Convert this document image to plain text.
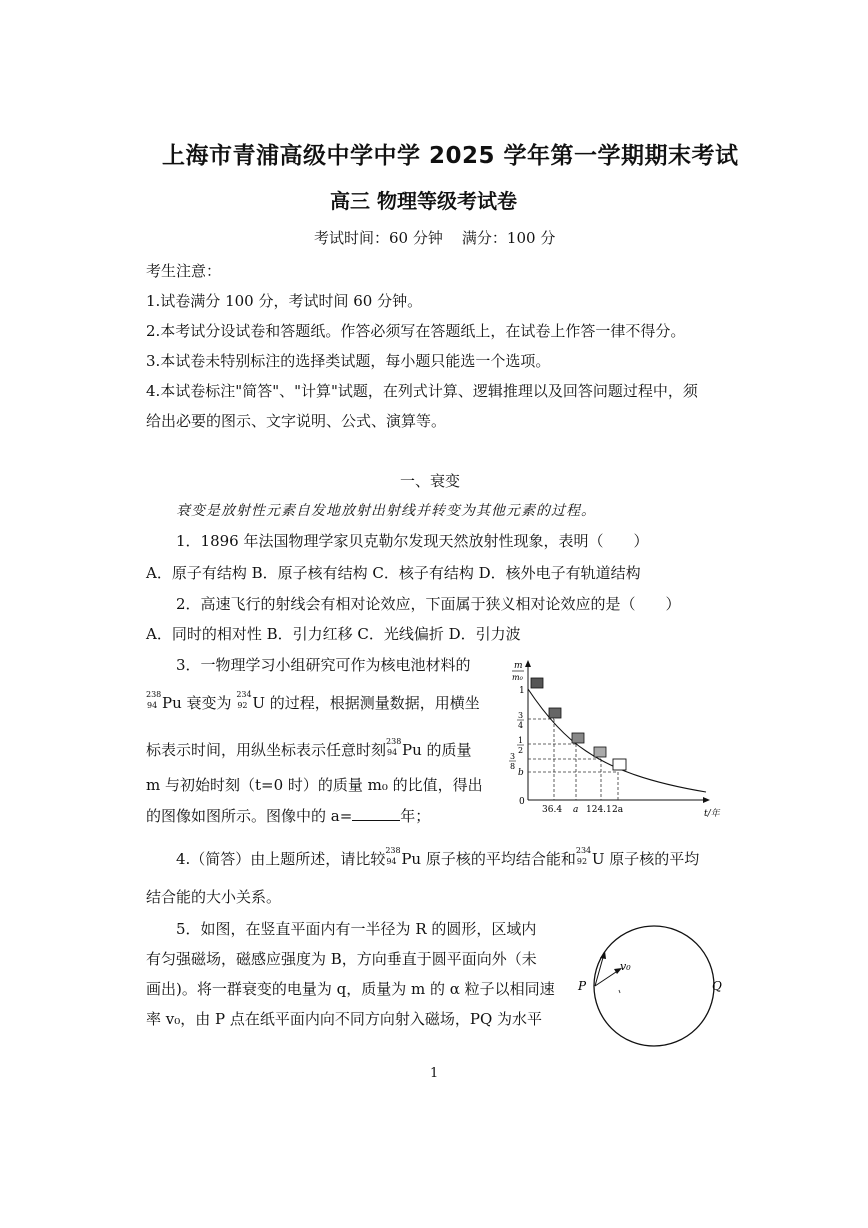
上海市青浦高级中学中学 2025 学年第一学期期末考试
高三 物理等级考试卷
考试时间：60 分钟    满分：100 分
考生注意：
1.试卷满分 100 分，考试时间 60 分钟。
2.本考试分设试卷和答题纸。作答必须写在答题纸上，在试卷上作答一律不得分。
3.本试卷未特别标注的选择类试题，每小题只能选一个选项。
4.本试卷标注"简答"、"计算"试题，在列式计算、逻辑推理以及回答问题过程中，须
给出必要的图示、文字说明、公式、演算等。
一、衰变
衰变是放射性元素自发地放射出射线并转变为其他元素的过程。
1．1896 年法国物理学家贝克勒尔发现天然放射性现象，表明（　　）
A．原子有结构 B．原子核有结构 C．核子有结构 D．核外电子有轨道结构
2．高速飞行的射线会有相对论效应，下面属于狭义相对论效应的是（　　）
A．同时的相对性 B．引力红移 C．光线偏折 D．引力波
3．一物理学习小组研究可作为核电池材料的
238
94 Pu 衰变为 234
92 U 的过程，根据测量数据，用横坐
标表示时间，用纵坐标表示任意时刻 238
94 Pu 的质量
m 与初始时刻（t=0 时）的质量 m₀ 的比值，得出
的图像如图所示。图像中的 a=	年；
m
m₀
1
3
4
1
2
3
8
b
0
36.4 a 124.1 2a	t/年
4.（简答）由上题所述，请比较 238
94 Pu 原子核的平均结合能和 234
92 U 原子核的平均
结合能的大小关系。
5．如图，在竖直平面内有一半径为 R 的圆形，区域内
有匀强磁场，磁感应强度为 B，方向垂直于圆平面向外（未
画出)。将一群衰变的电量为 q，质量为 m 的 α 粒子以相同速
率 v₀，由 P 点在纸平面内向不同方向射入磁场，PQ 为水平
v₀
P	Q
1
